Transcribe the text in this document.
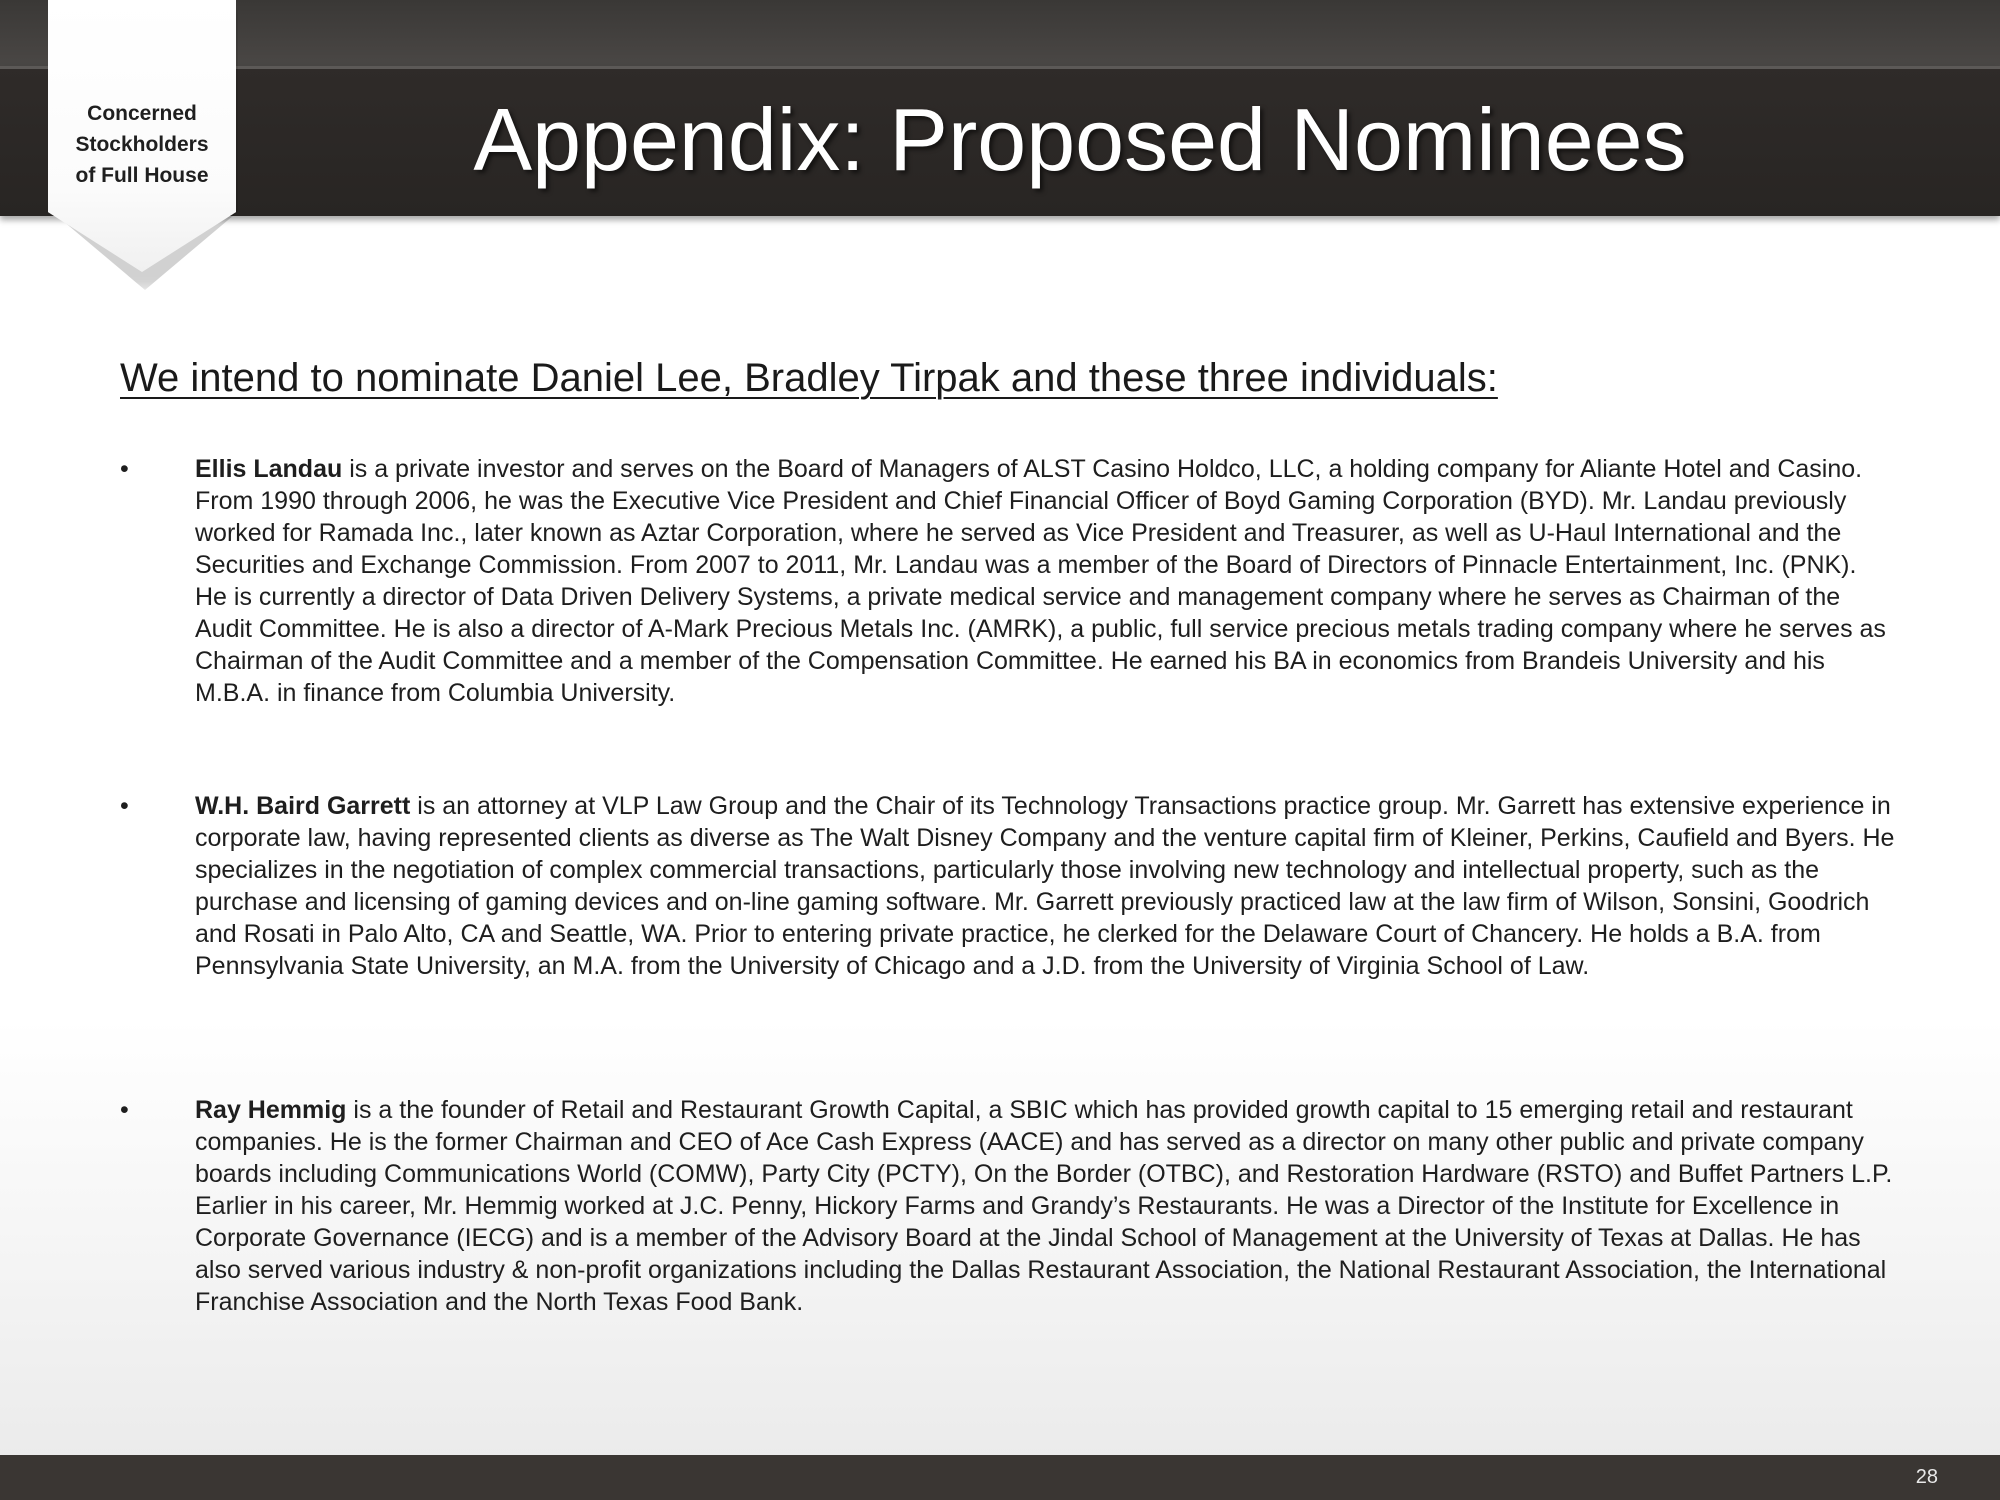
Concerned
Stockholders
of Full House	Appendix: Proposed Nominees
We intend to nominate Daniel Lee, Bradley Tirpak and these three individuals:
•	Ellis Landau is a private investor and serves on the Board of Managers of ALST Casino Holdco, LLC, a holding company for Aliante Hotel and Casino. From 1990 through 2006, he was the Executive Vice President and Chief Financial Officer of Boyd Gaming Corporation (BYD). Mr. Landau previously worked for Ramada Inc., later known as Aztar Corporation, where he served as Vice President and Treasurer, as well as U-Haul International and the Securities and Exchange Commission. From 2007 to 2011, Mr. Landau was a member of the Board of Directors of Pinnacle Entertainment, Inc. (PNK). He is currently a director of Data Driven Delivery Systems, a private medical service and management company where he serves as Chairman of the Audit Committee. He is also a director of A-Mark Precious Metals Inc. (AMRK), a public, full service precious metals trading company where he serves as Chairman of the Audit Committee and a member of the Compensation Committee. He earned his BA in economics from Brandeis University and his M.B.A. in finance from Columbia University.
•	W.H. Baird Garrett is an attorney at VLP Law Group and the Chair of its Technology Transactions practice group. Mr. Garrett has extensive experience in corporate law, having represented clients as diverse as The Walt Disney Company and the venture capital firm of Kleiner, Perkins, Caufield and Byers. He specializes in the negotiation of complex commercial transactions, particularly those involving new technology and intellectual property, such as the purchase and licensing of gaming devices and on-line gaming software. Mr. Garrett previously practiced law at the law firm of Wilson, Sonsini, Goodrich and Rosati in Palo Alto, CA and Seattle, WA. Prior to entering private practice, he clerked for the Delaware Court of Chancery. He holds a B.A. from Pennsylvania State University, an M.A. from the University of Chicago and a J.D. from the University of Virginia School of Law.
•	Ray Hemmig is a the founder of Retail and Restaurant Growth Capital, a SBIC which has provided growth capital to 15 emerging retail and restaurant companies. He is the former Chairman and CEO of Ace Cash Express (AACE) and has served as a director on many other public and private company boards including Communications World (COMW), Party City (PCTY), On the Border (OTBC), and Restoration Hardware (RSTO) and Buffet Partners L.P. Earlier in his career, Mr. Hemmig worked at J.C. Penny, Hickory Farms and Grandy’s Restaurants. He was a Director of the Institute for Excellence in Corporate Governance (IECG) and is a member of the Advisory Board at the Jindal School of Management at the University of Texas at Dallas. He has also served various industry & non-profit organizations including the Dallas Restaurant Association, the National Restaurant Association, the International Franchise Association and the North Texas Food Bank.
28
